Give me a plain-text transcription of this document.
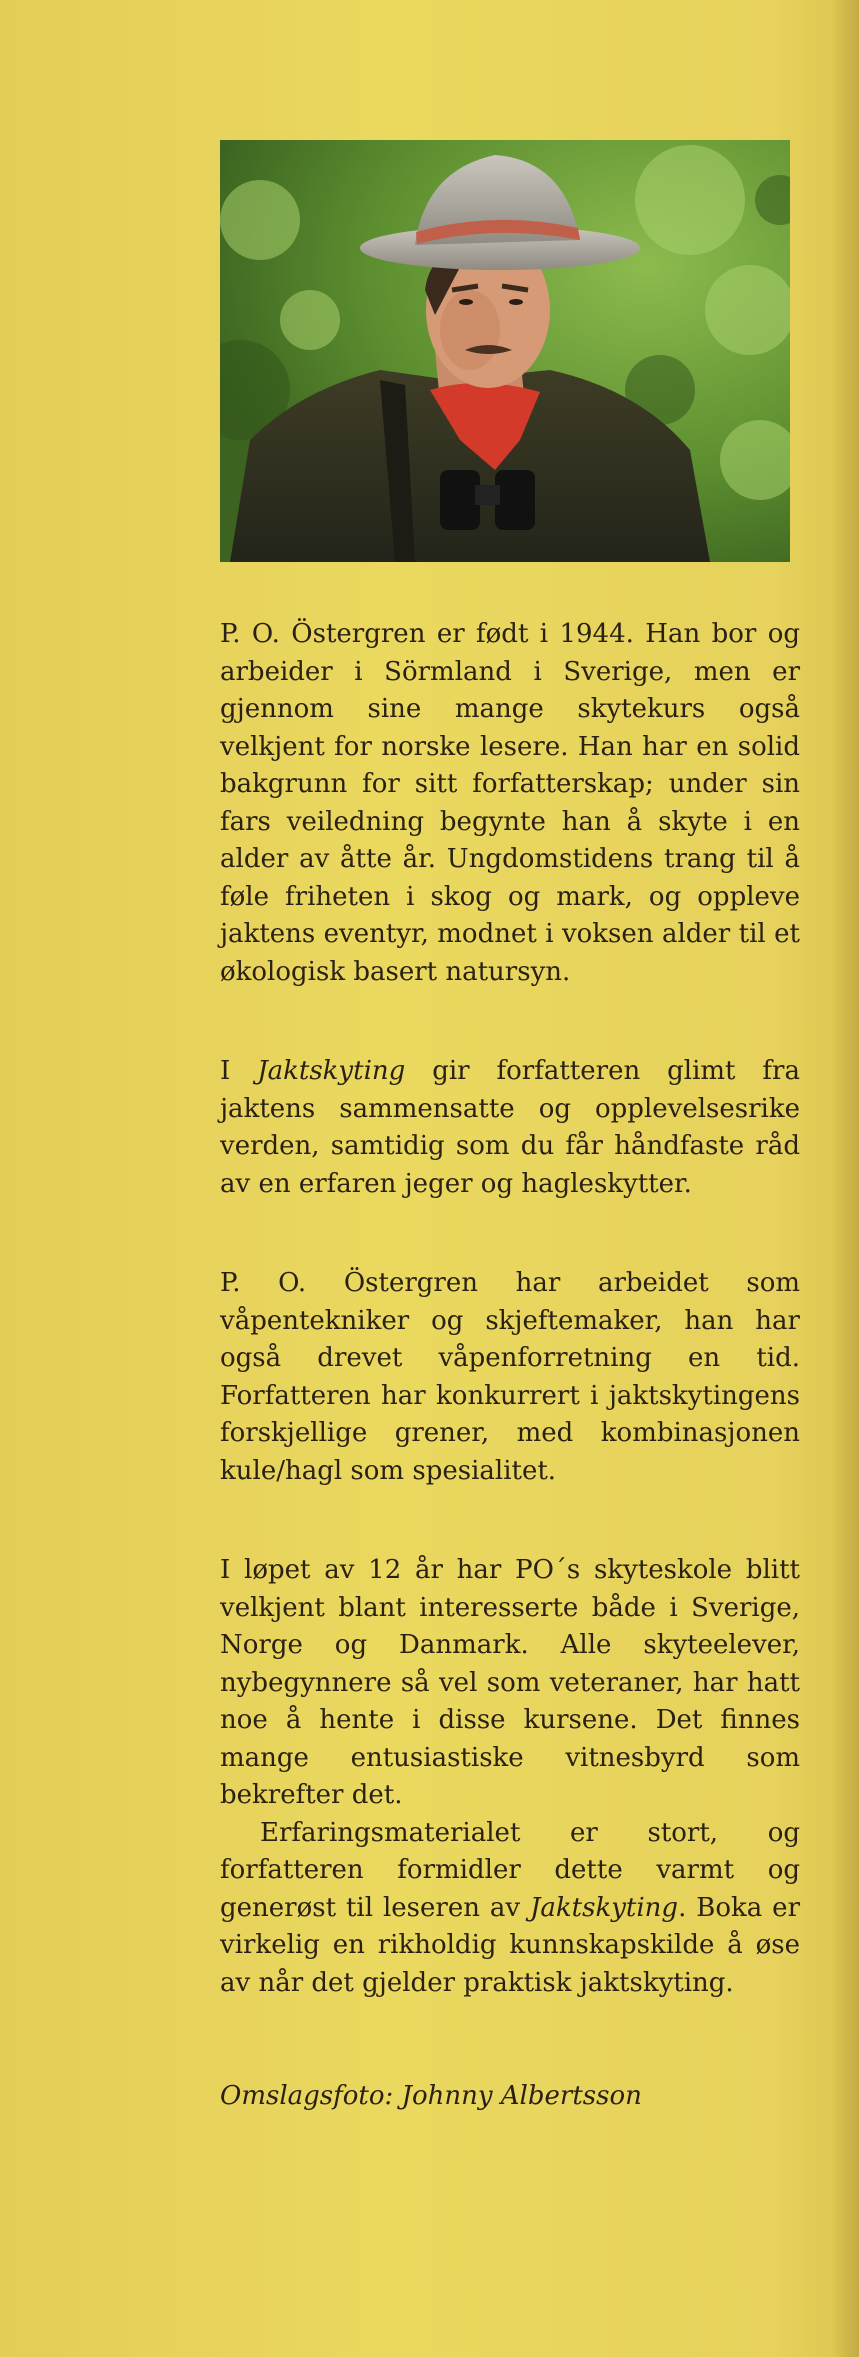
P. O. Östergren er født i 1944. Han bor og arbeider i Sörmland i Sverige, men er gjennom sine mange skytekurs også velkjent for norske lesere. Han har en solid bakgrunn for sitt forfatterskap; under sin fars veiledning begynte han å skyte i en alder av åtte år. Ungdomstidens trang til å føle friheten i skog og mark, og oppleve jaktens eventyr, modnet i voksen alder til et økologisk basert natursyn.

I Jaktskyting gir forfatteren glimt fra jaktens sammensatte og opplevelsesrike verden, samtidig som du får håndfaste råd av en erfaren jeger og hagleskytter.

P. O. Östergren har arbeidet som våpentekniker og skjeftemaker, han har også drevet våpenforretning en tid. Forfatteren har konkurrert i jaktskytingens forskjellige grener, med kombinasjonen kule/hagl som spesialitet.

I løpet av 12 år har PO´s skyteskole blitt velkjent blant interesserte både i Sverige, Norge og Danmark. Alle skyteelever, nybegynnere så vel som veteraner, har hatt noe å hente i disse kursene. Det finnes mange entusiastiske vitnesbyrd som bekrefter det.

Erfaringsmaterialet er stort, og forfatteren formidler dette varmt og generøst til leseren av Jaktskyting. Boka er virkelig en rikholdig kunnskapskilde å øse av når det gjelder praktisk jaktskyting.

Omslagsfoto: Johnny Albertsson
